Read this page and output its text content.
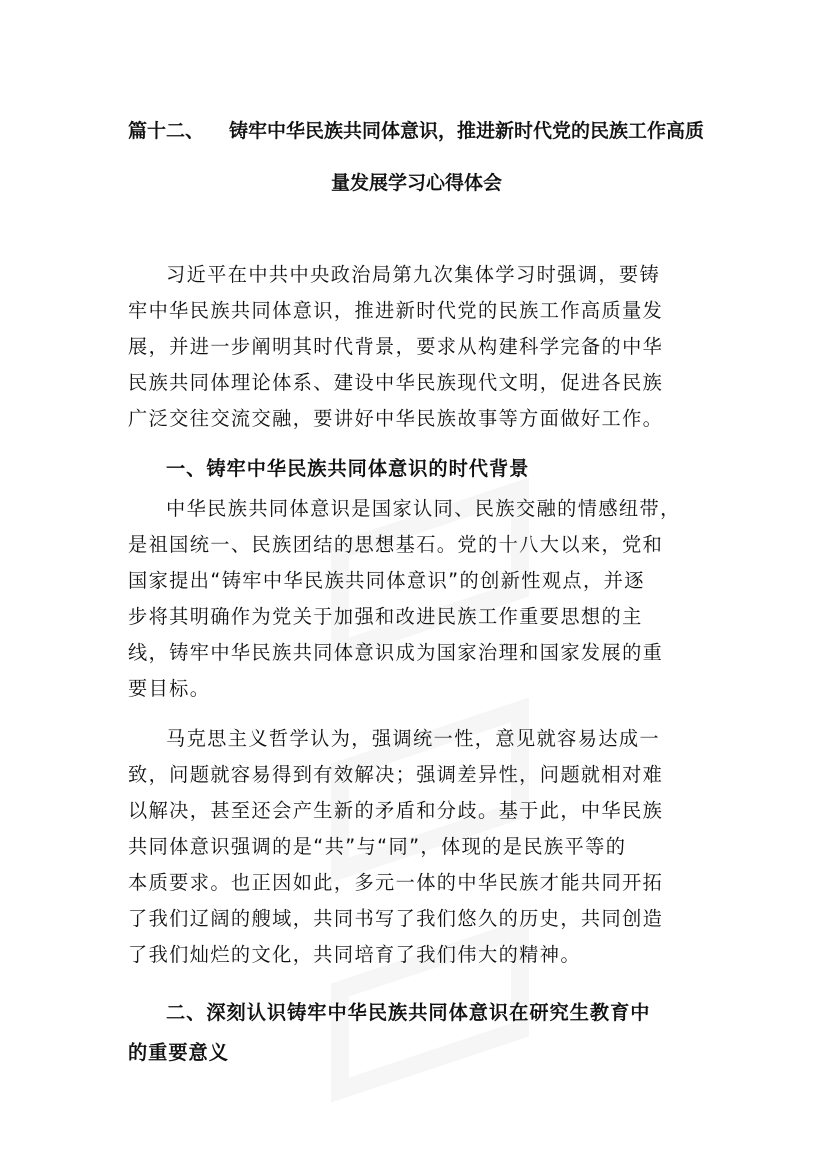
篇十二、 铸牢中华民族共同体意识，推进新时代党的民族工作高质
量发展学习心得体会
习近平在中共中央政治局第九次集体学习时强调，要铸
牢中华民族共同体意识，推进新时代党的民族工作高质量发
展，并进一步阐明其时代背景，要求从构建科学完备的中华
民族共同体理论体系、建设中华民族现代文明，促进各民族
广泛交往交流交融，要讲好中华民族故事等方面做好工作。
一、铸牢中华民族共同体意识的时代背景
中华民族共同体意识是国家认同、民族交融的情感纽带，
是祖国统一、民族团结的思想基石。党的十八大以来，党和
国家提出“铸牢中华民族共同体意识”的创新性观点，并逐
步将其明确作为党关于加强和改进民族工作重要思想的主
线，铸牢中华民族共同体意识成为国家治理和国家发展的重
要目标。
马克思主义哲学认为，强调统一性，意见就容易达成一
致，问题就容易得到有效解决；强调差异性，问题就相对难
以解决，甚至还会产生新的矛盾和分歧。基于此，中华民族
共同体意识强调的是“共”与“同”，体现的是民族平等的
本质要求。也正因如此，多元一体的中华民族才能共同开拓
了我们辽阔的艘域，共同书写了我们悠久的历史，共同创造
了我们灿烂的文化，共同培育了我们伟大的精神。
二、深刻认识铸牢中华民族共同体意识在研究生教育中
的重要意义
